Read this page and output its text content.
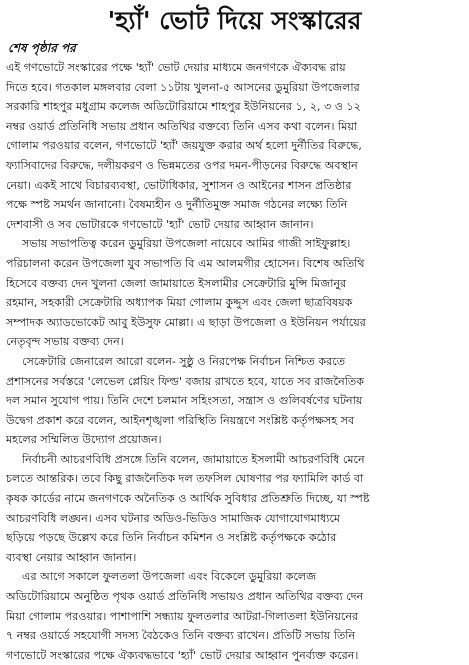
'হ্যাঁ' ভোট দিয়ে সংস্কারের
শেষ পৃষ্ঠার পর
এই গণভোটে সংস্কারের পক্ষে 'হ্যাঁ' ভোট দেয়ার মাধ্যমে জনগণকে ঐক্যবদ্ধ রায়
দিতে হবে। গতকাল মঙ্গলবার বেলা ১১টায় খুলনা-৫ আসনের ডুমুরিয়া উপজেলার
সরকারি শাহপুর মধুগ্রাম কলেজ অডিটোরিয়ামে শাহপুর ইউনিয়নের ১, ২, ৩ ও ১২
নম্বর ওয়ার্ড প্রতিনিধি সভায় প্রধান অতিথির বক্তব্যে তিনি এসব কথা বলেন। মিয়া
গোলাম পরওয়ার বলেন, গণভোটে 'হ্যাঁ' জয়যুক্ত করার অর্থ হলো দুর্নীতির বিরুদ্ধে,
ফ্যাসিবাদের বিরুদ্ধে, দলীয়করণ ও ভিন্নমতের ওপর দমন-পীড়নের বিরুদ্ধে অবস্থান
নেয়া। একই সাথে বিচারব্যবস্থা, ভোটাধিকার, সুশাসন ও আইনের শাসন প্রতিষ্ঠার
পক্ষে স্পষ্ট সমর্থন জানানো। বৈষম্যহীন ও দুর্নীতিমুক্ত সমাজ গঠনের লক্ষ্যে তিনি
দেশবাসী ও সব ভোটারকে গণভোটে 'হ্যাঁ' ভোট দেয়ার আহ্বান জানান।
সভায় সভাপতিত্ব করেন ডুমুরিয়া উপজেলা নায়েবে আমির গাজী সাইফুল্লাহ।
পরিচালনা করেন উপজেলা যুব সভাপতি বি এম আলমগীর হোসেন। বিশেষ অতিথি
হিসেবে বক্তব্য দেন খুলনা জেলা জামায়াতে ইসলামীর সেক্রেটারি মুন্সি মিজানুর
রহমান, সহকারী সেক্রেটারি অধ্যাপক মিয়া গোলাম কুদ্দুস এবং জেলা ছাত্রবিষয়ক
সম্পাদক অ্যাডভোকেট আবু ইউসুফ মোল্লা। এ ছাড়া উপজেলা ও ইউনিয়ন পর্যায়ের
নেতৃবৃন্দ সভায় বক্তব্য দেন।
সেক্রেটারি জেনারেল আরো বলেন- সুষ্ঠু ও নিরপেক্ষ নির্বাচন নিশ্চিত করতে
প্রশাসনের সর্বস্তরে 'লেভেল প্লেয়িং ফিল্ড' বজায় রাখতে হবে, যাতে সব রাজনৈতিক
দল সমান সুযোগ পায়। তিনি দেশে চলমান সহিংসতা, সন্ত্রাস ও গুলিবর্ষণের ঘটনায়
উদ্বেগ প্রকাশ করে বলেন, আইনশৃঙ্খলা পরিস্থিতি নিয়ন্ত্রণে সংশ্লিষ্ট কর্তৃপক্ষসহ সব
মহলের সম্মিলিত উদ্যোগ প্রয়োজন।
নির্বাচনী আচরণবিধি প্রসঙ্গে তিনি বলেন, জামায়াতে ইসলামী আচরণবিধি মেনে
চলতে আন্তরিক। তবে কিছু রাজনৈতিক দল তফসিল ঘোষণার পর ফ্যামিলি কার্ড বা
কৃষক কার্ডের নামে জনগণকে অনৈতিক ও আর্থিক সুবিধার প্রতিশ্রুতি দিচ্ছে, যা স্পষ্ট
আচরণবিধি লঙ্ঘন। এসব ঘটনার অডিও-ভিডিও সামাজিক যোগাযোগমাধ্যমে
ছড়িয়ে পড়ছে উল্লেখ করে তিনি নির্বাচন কমিশন ও সংশ্লিষ্ট কর্তৃপক্ষকে কঠোর
ব্যবস্থা নেয়ার আহ্বান জানান।
এর আগে সকালে ফুলতলা উপজেলা এবং বিকেলে ডুমুরিয়া কলেজ
অডিটোরিয়ামে অনুষ্ঠিত পৃথক ওয়ার্ড প্রতিনিধি সভায়ও প্রধান অতিথির বক্তব্য দেন
মিয়া গোলাম পরওয়ার। পাশাপাশি সন্ধ্যায় ফুলতলার আটরা-গিলাতলা ইউনিয়নের
৭ নম্বর ওয়ার্ডে সহযোগী সদস্য বৈঠকেও তিনি বক্তব্য রাখেন। প্রতিটি সভায় তিনি
গণভোটে সংস্কারের পক্ষে ঐক্যবদ্ধভাবে 'হ্যাঁ' ভোট দেয়ার আহ্বান পুনর্ব্যক্ত করেন।
